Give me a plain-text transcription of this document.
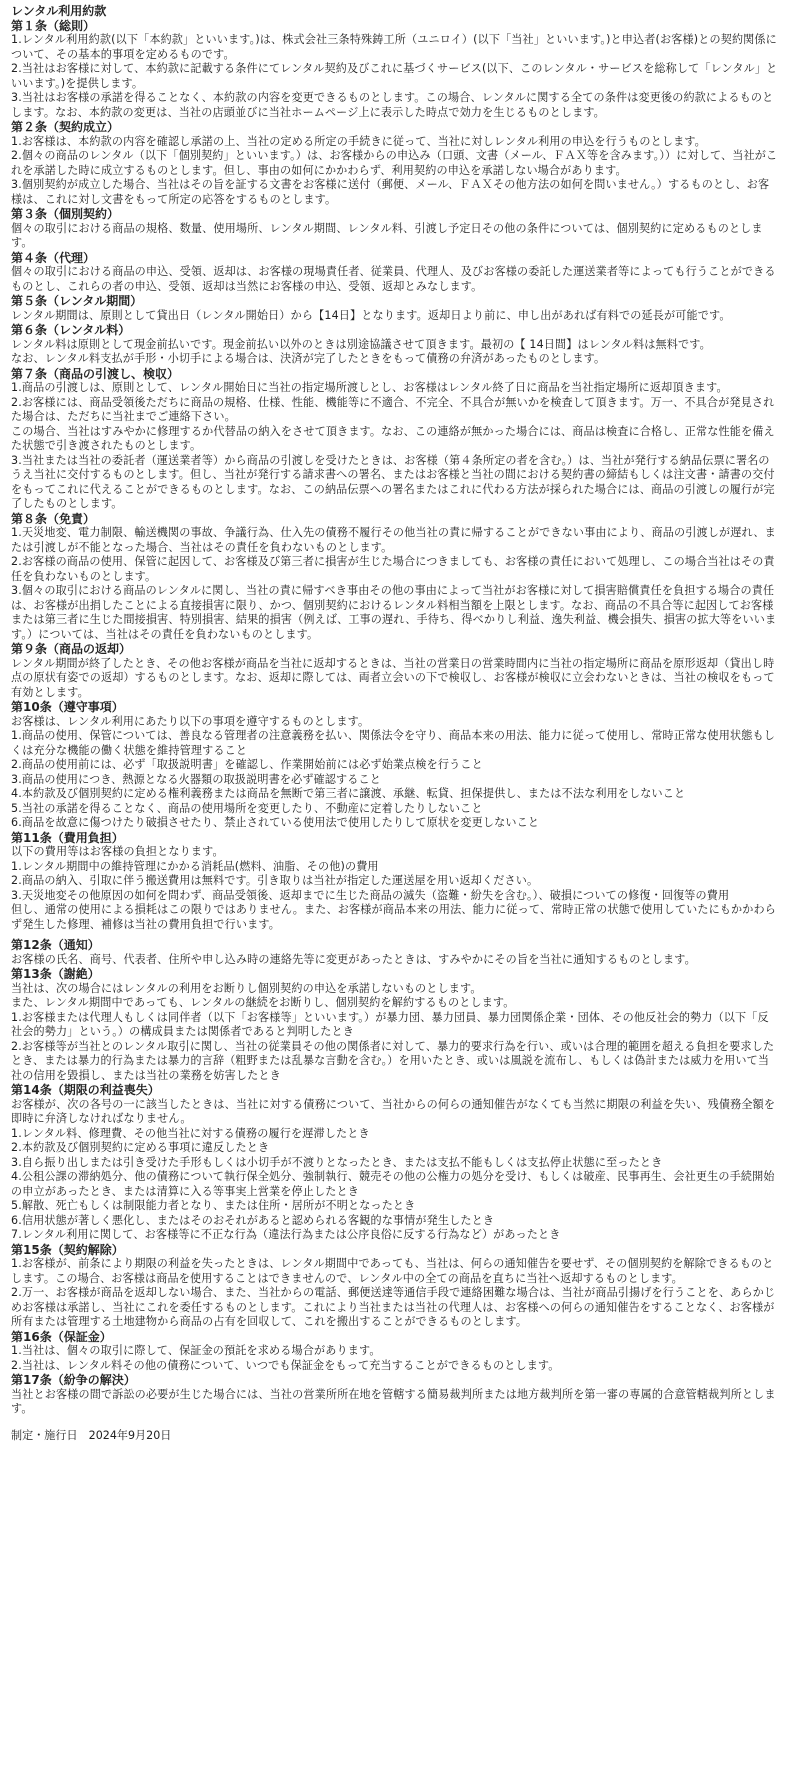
レンタル利用約款
第１条（総則）

1.レンタル利用約款(以下「本約款」といいます。)は、株式会社三条特殊鋳工所（ユニロイ）(以下「当社」といいます。)と申込者(お客様)との契約関係について、その基本的事項を定めるものです。

2.当社はお客様に対して、本約款に記載する条件にてレンタル契約及びこれに基づくサービス(以下、このレンタル・サービスを総称して「レンタル」といいます。)を提供します。

3.当社はお客様の承諾を得ることなく、本約款の内容を変更できるものとします。この場合、レンタルに関する全ての条件は変更後の約款によるものとします。なお、本約款の変更は、当社の店頭並びに当社ホームページ上に表示した時点で効力を生じるものとします。

第２条（契約成立）

1.お客様は、本約款の内容を確認し承諾の上、当社の定める所定の手続きに従って、当社に対しレンタル利用の申込を行うものとします。

2.個々の商品のレンタル（以下「個別契約」といいます。）は、お客様からの申込み（口頭、文書（メール、ＦＡＸ等を含みます。））に対して、当社がこれを承諾した時に成立するものとします。但し、事由の如何にかかわらず、利用契約の申込を承諾しない場合があります。

3.個別契約が成立した場合、当社はその旨を証する文書をお客様に送付（郵便、メール、ＦＡＸその他方法の如何を問いません。）するものとし、お客様は、これに対し文書をもって所定の応答をするものとします。

第３条（個別契約）

個々の取引における商品の規格、数量、使用場所、レンタル期間、レンタル料、引渡し予定日その他の条件については、個別契約に定めるものとします。

第４条（代理）

個々の取引における商品の申込、受領、返却は、お客様の現場責任者、従業員、代理人、及びお客様の委託した運送業者等によっても行うことができるものとし、これらの者の申込、受領、返却は当然にお客様の申込、受領、返却とみなします。

第５条（レンタル期間）

レンタル期間は、原則として貸出日（レンタル開始日）から【14日】となります。返却日より前に、申し出があれば有料での延長が可能です。

第６条（レンタル料）

レンタル料は原則として現金前払いです。現金前払い以外のときは別途協議させて頂きます。最初の【 14日間】はレンタル料は無料です。

なお、レンタル料支払が手形・小切手による場合は、決済が完了したときをもって債務の弁済があったものとします。

第７条（商品の引渡し、検収）

1.商品の引渡しは、原則として、レンタル開始日に当社の指定場所渡しとし、お客様はレンタル終了日に商品を当社指定場所に返却頂きます。

2.お客様には、商品受領後ただちに商品の規格、仕様、性能、機能等に不適合、不完全、不具合が無いかを検査して頂きます。万一、不具合が発見された場合は、ただちに当社までご連絡下さい。

この場合、当社はすみやかに修理するか代替品の納入をさせて頂きます。なお、この連絡が無かった場合には、商品は検査に合格し、正常な性能を備えた状態で引き渡されたものとします。

3.当社または当社の委託者（運送業者等）から商品の引渡しを受けたときは、お客様（第４条所定の者を含む。）は、当社が発行する納品伝票に署名のうえ当社に交付するものとします。但し、当社が発行する請求書への署名、またはお客様と当社の間における契約書の締結もしくは注文書・請書の交付をもってこれに代えることができるものとします。なお、この納品伝票への署名またはこれに代わる方法が採られた場合には、商品の引渡しの履行が完了したものとします。

第８条（免責）

1.天災地変、電力制限、輸送機関の事故、争議行為、仕入先の債務不履行その他当社の責に帰することができない事由により、商品の引渡しが遅れ、または引渡しが不能となった場合、当社はその責任を負わないものとします。

2.お客様の商品の使用、保管に起因して、お客様及び第三者に損害が生じた場合につきましても、お客様の責任において処理し、この場合当社はその責任を負わないものとします。

3.個々の取引における商品のレンタルに関し、当社の責に帰すべき事由その他の事由によって当社がお客様に対して損害賠償責任を負担する場合の責任は、お客様が出捐したことによる直接損害に限り、かつ、個別契約におけるレンタル料相当額を上限とします。なお、商品の不具合等に起因してお客様または第三者に生じた間接損害、特別損害、結果的損害（例えば、工事の遅れ、手待ち、得べかりし利益、逸失利益、機会損失、損害の拡大等をいいます。）については、当社はその責任を負わないものとします。

第９条（商品の返却）

レンタル期間が終了したとき、その他お客様が商品を当社に返却するときは、当社の営業日の営業時間内に当社の指定場所に商品を原形返却（貸出し時点の原状有姿での返却）するものとします。なお、返却に際しては、両者立会いの下で検収し、お客様が検収に立会わないときは、当社の検収をもって有効とします。

第10条（遵守事項）

お客様は、レンタル利用にあたり以下の事項を遵守するものとします。

1.商品の使用、保管については、善良なる管理者の注意義務を払い、関係法令を守り、商品本来の用法、能力に従って使用し、常時正常な使用状態もしくは充分な機能の働く状態を維持管理すること

2.商品の使用前には、必ず「取扱説明書」を確認し、作業開始前には必ず始業点検を行うこと

3.商品の使用につき、熱源となる火器類の取扱説明書を必ず確認すること

4.本約款及び個別契約に定める権利義務または商品を無断で第三者に譲渡、承継、転貸、担保提供し、または不法な利用をしないこと

5.当社の承諾を得ることなく、商品の使用場所を変更したり、不動産に定着したりしないこと

6.商品を故意に傷つけたり破損させたり、禁止されている使用法で使用したりして原状を変更しないこと

第11条（費用負担）

以下の費用等はお客様の負担となります。

1.レンタル期間中の維持管理にかかる消耗品(燃料、油脂、その他)の費用

2.商品の納入、引取に伴う搬送費用は無料です。引き取りは当社が指定した運送屋を用い返却ください。

3.天災地変その他原因の如何を問わず、商品受領後、返却までに生じた商品の滅失（盗難・紛失を含む。）、破損についての修復・回復等の費用

但し、通常の使用による損耗はこの限りではありません。また、お客様が商品本来の用法、能力に従って、常時正常の状態で使用していたにもかかわらず発生した修理、補修は当社の費用負担で行います。

第12条（通知）

お客様の氏名、商号、代表者、住所や申し込み時の連絡先等に変更があったときは、すみやかにその旨を当社に通知するものとします。

第13条（謝絶）

当社は、次の場合にはレンタルの利用をお断りし個別契約の申込を承諾しないものとします。

また、レンタル期間中であっても、レンタルの継続をお断りし、個別契約を解約するものとします。

1.お客様または代理人もしくは同伴者（以下「お客様等」といいます。）が暴力団、暴力団員、暴力団関係企業・団体、その他反社会的勢力（以下「反社会的勢力」という。）の構成員または関係者であると判明したとき

2.お客様等が当社とのレンタル取引に関し、当社の従業員その他の関係者に対して、暴力的要求行為を行い、或いは合理的範囲を超える負担を要求したとき、または暴力的行為または暴力的言辞（粗野または乱暴な言動を含む。）を用いたとき、或いは風説を流布し、もしくは偽計または威力を用いて当社の信用を毀損し、または当社の業務を妨害したとき

第14条（期限の利益喪失）

お客様が、次の各号の一に該当したときは、当社に対する債務について、当社からの何らの通知催告がなくても当然に期限の利益を失い、残債務全額を即時に弁済しなければなりません。

1.レンタル料、修理費、その他当社に対する債務の履行を遅滞したとき

2.本約款及び個別契約に定める事項に違反したとき

3.自ら振り出しまたは引き受けた手形もしくは小切手が不渡りとなったとき、または支払不能もしくは支払停止状態に至ったとき

4.公租公課の滞納処分、他の債務について執行保全処分、強制執行、競売その他の公権力の処分を受け、もしくは破産、民事再生、会社更生の手続開始の申立があったとき、または清算に入る等事実上営業を停止したとき

5.解散、死亡もしくは制限能力者となり、または住所・居所が不明となったとき

6.信用状態が著しく悪化し、またはそのおそれがあると認められる客観的な事情が発生したとき

7.レンタル利用に関して、お客様等に不正な行為（違法行為または公序良俗に反する行為など）があったとき

第15条（契約解除）

1.お客様が、前条により期限の利益を失ったときは、レンタル期間中であっても、当社は、何らの通知催告を要せず、その個別契約を解除できるものとします。この場合、お客様は商品を使用することはできませんので、レンタル中の全ての商品を直ちに当社へ返却するものとします。

2.万一、お客様が商品を返却しない場合、また、当社からの電話、郵便送達等通信手段で連絡困難な場合は、当社が商品引揚げを行うことを、あらかじめお客様は承諾し、当社にこれを委任するものとします。これにより当社または当社の代理人は、お客様への何らの通知催告をすることなく、お客様が所有または管理する土地建物から商品の占有を回収して、これを搬出することができるものとします。

第16条（保証金）

1.当社は、個々の取引に際して、保証金の預託を求める場合があります。

2.当社は、レンタル料その他の債務について、いつでも保証金をもって充当することができるものとします。

第17条（紛争の解決）

当社とお客様の間で訴訟の必要が生じた場合には、当社の営業所所在地を管轄する簡易裁判所または地方裁判所を第一審の専属的合意管轄裁判所とします。

制定・施行日　2024年9月20日
